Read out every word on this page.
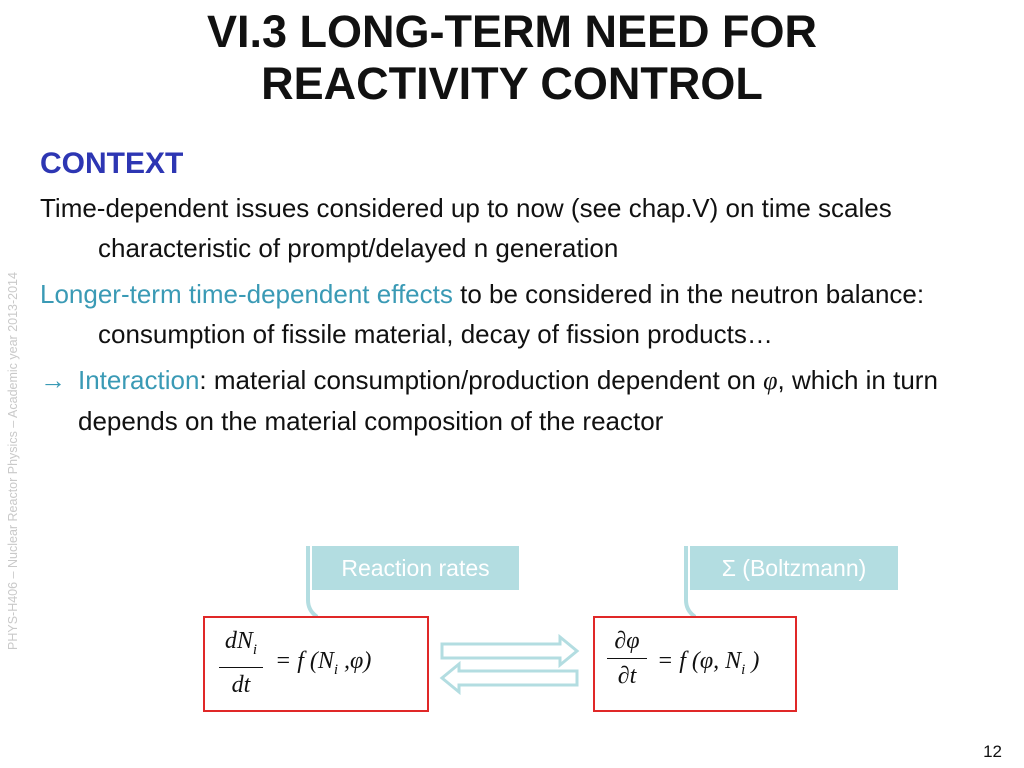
VI.3 LONG-TERM NEED FOR
REACTIVITY CONTROL
PHYS-H406 – Nuclear Reactor Physics – Academic year 2013-2014
CONTEXT
Time-dependent issues considered up to now (see chap.V) on time scales characteristic of prompt/delayed n generation
Longer-term time-dependent effects to be considered in the neutron balance: consumption of fissile material, decay of fission products…
→ Interaction: material consumption/production dependent on φ, which in turn depends on the material composition of the reactor
Reaction rates	Σ (Boltzmann)
$dN_i$
dt
= f ($N_i$ ,φ)
∂φ
∂t
= f (φ, $N_i$ )
12
